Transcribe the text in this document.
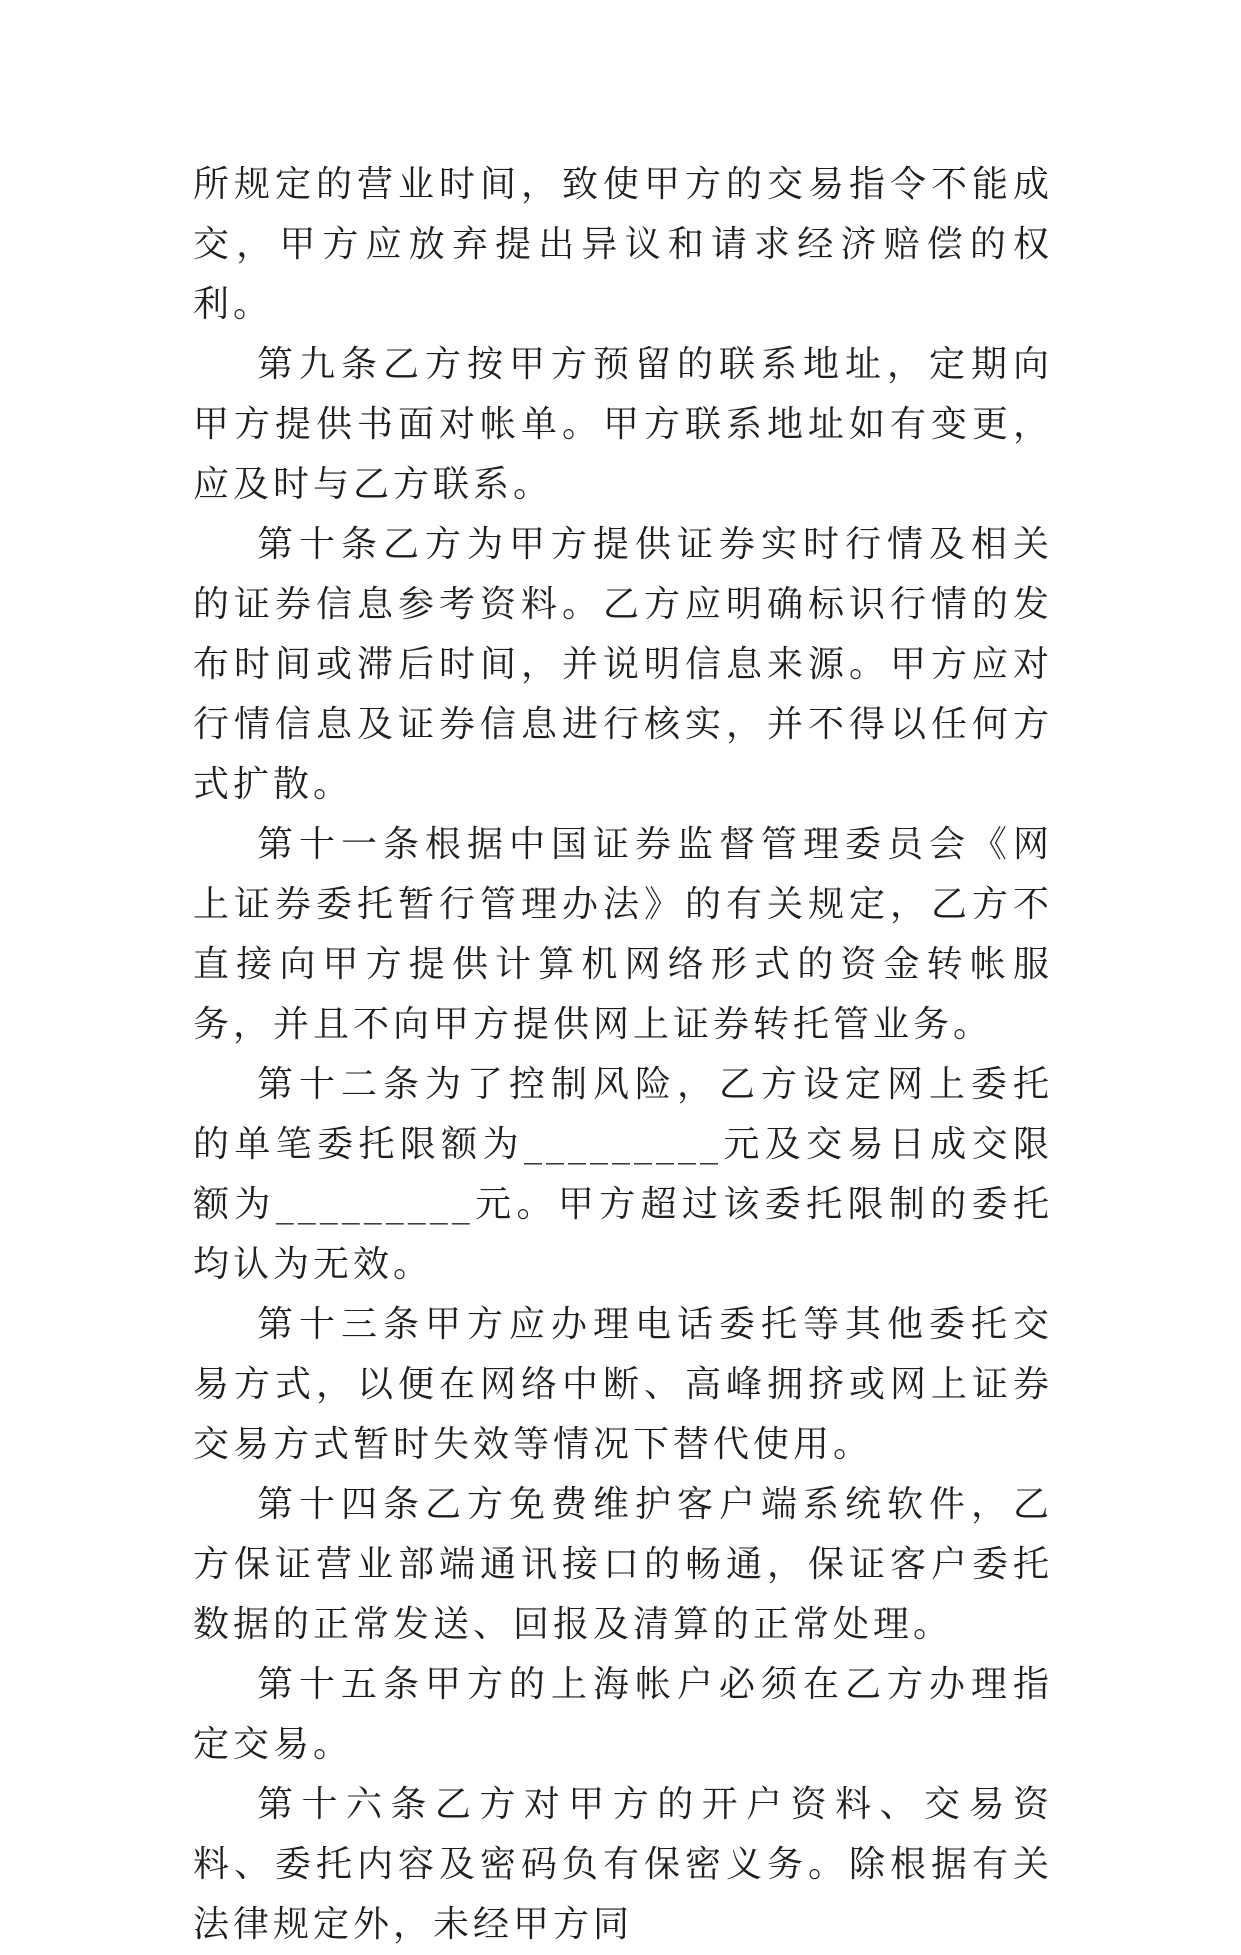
所规定的营业时间，致使甲方的交易指令不能成交，甲方应放弃提出异议和请求经济赔偿的权利。

第九条乙方按甲方预留的联系地址，定期向甲方提供书面对帐单。甲方联系地址如有变更，应及时与乙方联系。

第十条乙方为甲方提供证券实时行情及相关的证券信息参考资料。乙方应明确标识行情的发布时间或滞后时间，并说明信息来源。甲方应对行情信息及证券信息进行核实，并不得以任何方式扩散。

第十一条根据中国证券监督管理委员会《网上证券委托暂行管理办法》的有关规定，乙方不直接向甲方提供计算机网络形式的资金转帐服务，并且不向甲方提供网上证券转托管业务。

第十二条为了控制风险，乙方设定网上委托的单笔委托限额为_________元及交易日成交限额为_________元。甲方超过该委托限制的委托均认为无效。

第十三条甲方应办理电话委托等其他委托交易方式，以便在网络中断、高峰拥挤或网上证券交易方式暂时失效等情况下替代使用。

第十四条乙方免费维护客户端系统软件，乙方保证营业部端通讯接口的畅通，保证客户委托数据的正常发送、回报及清算的正常处理。

第十五条甲方的上海帐户必须在乙方办理指定交易。

第十六条乙方对甲方的开户资料、交易资料、委托内容及密码负有保密义务。除根据有关法律规定外，未经甲方同
